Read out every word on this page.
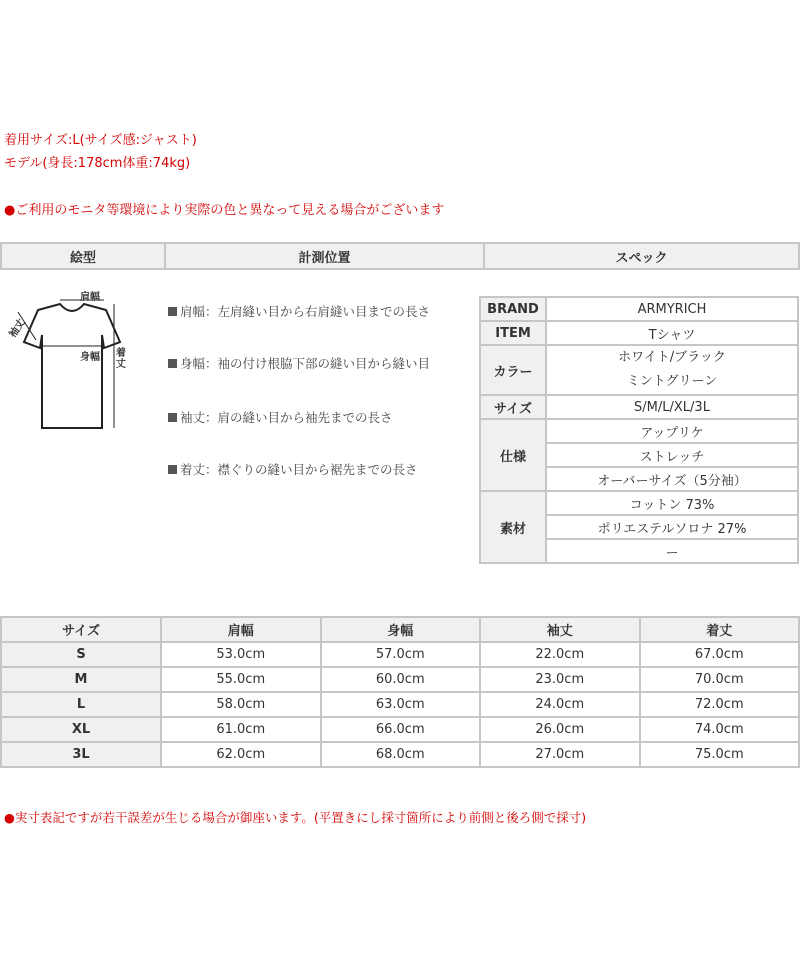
着用サイズ:L(サイズ感:ジャスト)
モデル(身長:178cm体重:74kg)
●ご利用のモニタ等環境により実際の色と異なって見える場合がございます
絵型	計測位置	スペック
肩幅
袖丈
身幅 着丈
肩幅：左肩縫い目から右肩縫い目までの長さ
身幅：袖の付け根脇下部の縫い目から縫い目
袖丈：肩の縫い目から袖先までの長さ
着丈：襟ぐりの縫い目から裾先までの長さ
BRAND	ARMYRICH
ITEM	Tシャツ
カラー	ホワイト/ブラック
ミントグリーン

サイズ	S/M/L/XL/3L
仕様	アップリケ
	ストレッチ
	オーバーサイズ（5分袖）
素材	コットン 73%
	ポリエステルソロナ 27%
	ー
サイズ	肩幅	身幅	袖丈	着丈
S	53.0cm	57.0cm	22.0cm	67.0cm
M	55.0cm	60.0cm	23.0cm	70.0cm
L	58.0cm	63.0cm	24.0cm	72.0cm
XL	61.0cm	66.0cm	26.0cm	74.0cm
3L	62.0cm	68.0cm	27.0cm	75.0cm
●実寸表記ですが若干誤差が生じる場合が御座います。(平置きにし採寸箇所により前側と後ろ側で採寸)
